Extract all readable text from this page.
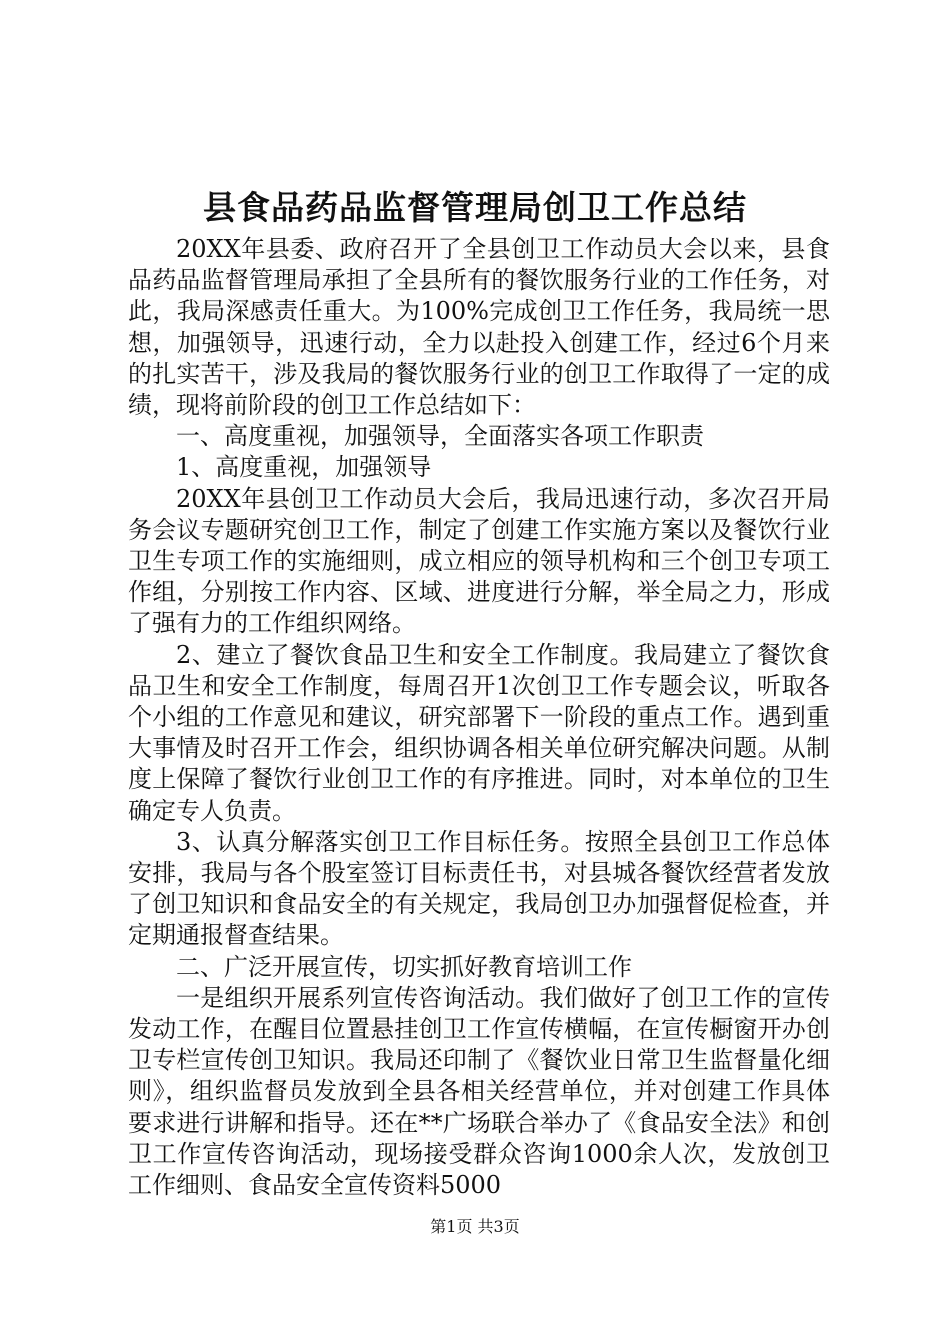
县食品药品监督管理局创卫工作总结

20XX年县委、政府召开了全县创卫工作动员大会以来，县食品药品监督管理局承担了全县所有的餐饮服务行业的工作任务，对此，我局深感责任重大。为100%完成创卫工作任务，我局统一思想，加强领导，迅速行动，全力以赴投入创建工作，经过6个月来的扎实苦干，涉及我局的餐饮服务行业的创卫工作取得了一定的成绩，现将前阶段的创卫工作总结如下：

一、高度重视，加强领导，全面落实各项工作职责

1、高度重视，加强领导

20XX年县创卫工作动员大会后，我局迅速行动，多次召开局务会议专题研究创卫工作，制定了创建工作实施方案以及餐饮行业卫生专项工作的实施细则，成立相应的领导机构和三个创卫专项工作组，分别按工作内容、区域、进度进行分解，举全局之力，形成了强有力的工作组织网络。

2、建立了餐饮食品卫生和安全工作制度。我局建立了餐饮食品卫生和安全工作制度，每周召开1次创卫工作专题会议，听取各个小组的工作意见和建议，研究部署下一阶段的重点工作。遇到重大事情及时召开工作会，组织协调各相关单位研究解决问题。从制度上保障了餐饮行业创卫工作的有序推进。同时，对本单位的卫生确定专人负责。

3、认真分解落实创卫工作目标任务。按照全县创卫工作总体安排，我局与各个股室签订目标责任书，对县城各餐饮经营者发放了创卫知识和食品安全的有关规定，我局创卫办加强督促检查，并定期通报督查结果。

二、广泛开展宣传，切实抓好教育培训工作

一是组织开展系列宣传咨询活动。我们做好了创卫工作的宣传发动工作，在醒目位置悬挂创卫工作宣传横幅，在宣传橱窗开办创卫专栏宣传创卫知识。我局还印制了《餐饮业日常卫生监督量化细则》，组织监督员发放到全县各相关经营单位，并对创建工作具体要求进行讲解和指导。还在**广场联合举办了《食品安全法》和创卫工作宣传咨询活动，现场接受群众咨询1000余人次，发放创卫工作细则、食品安全宣传资料5000

第1页 共3页
